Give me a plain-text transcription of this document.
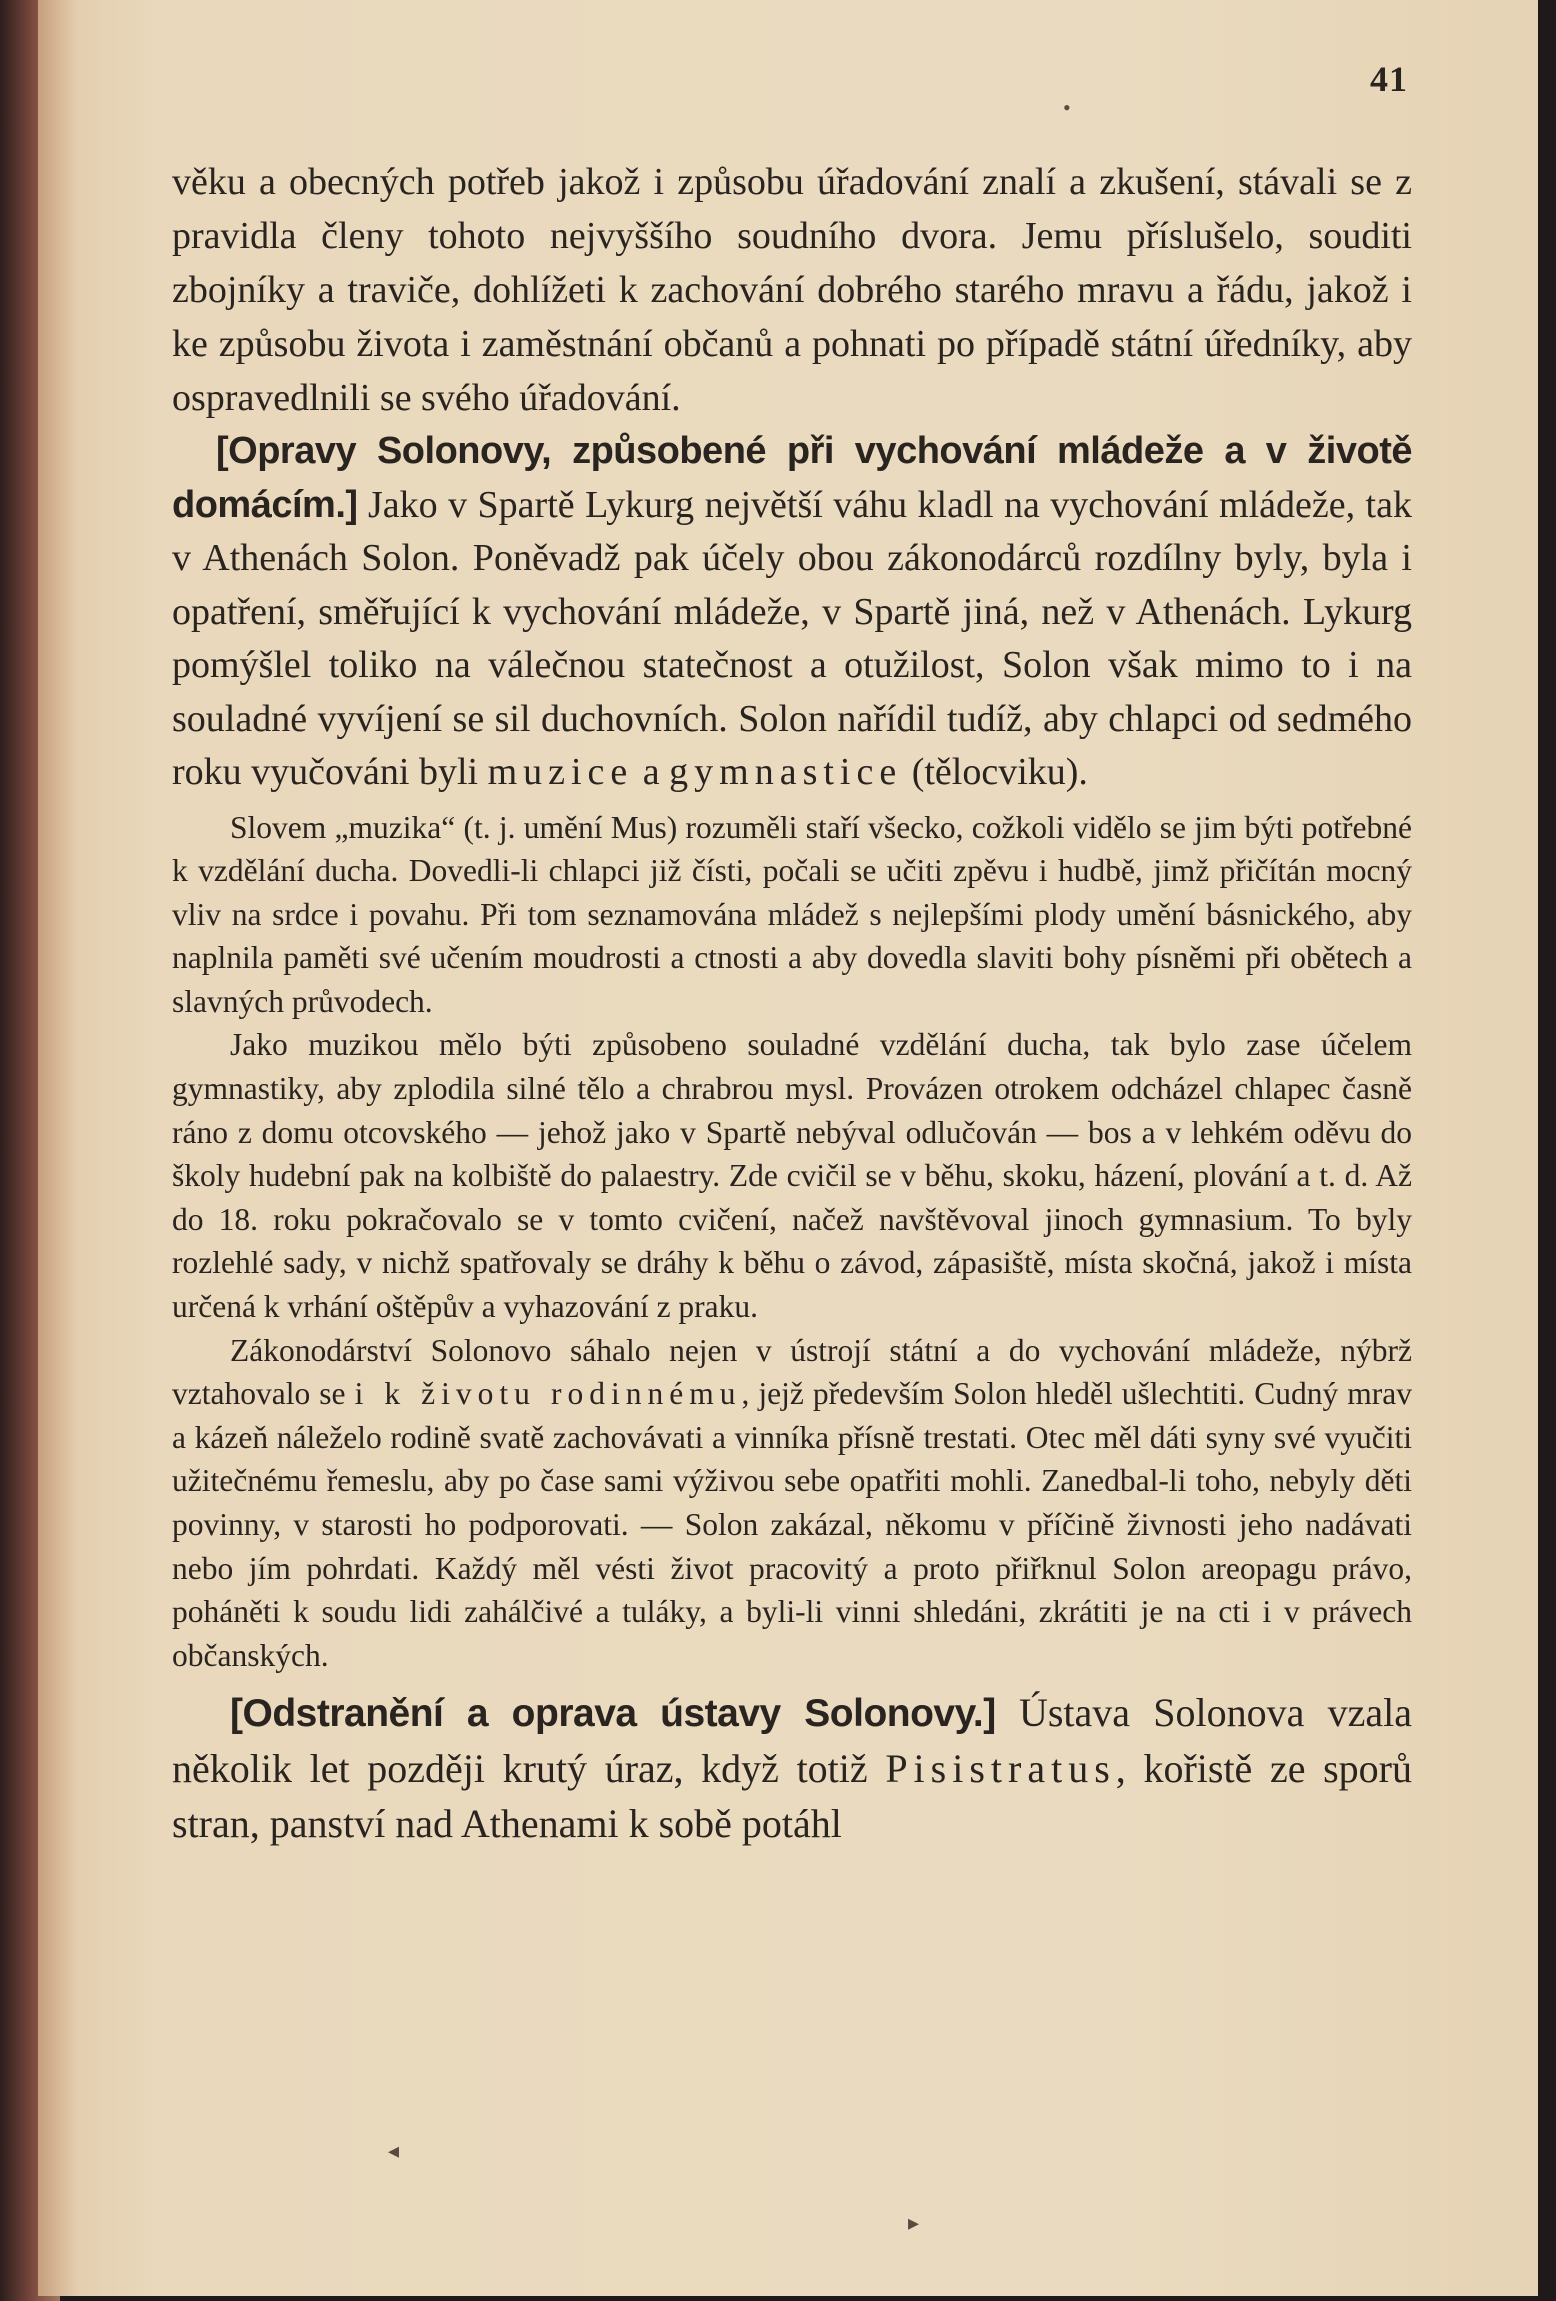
41

věku a obecných potřeb jakož i způsobu úřadování znalí a zkušení, stávali se z pravidla členy tohoto nejvyššího soudního dvora. Jemu příslušelo, souditi zbojníky a traviče, dohlížeti k zachování dobrého starého mravu a řádu, jakož i ke způsobu života i zaměstnání občanů a pohnati po případě státní úředníky, aby ospravedlnili se svého úřadování.

[Opravy Solonovy, způsobené při vychování mládeže a v životě domácím.] Jako v Spartě Lykurg největší váhu kladl na vychování mládeže, tak v Athenách Solon. Poněvadž pak účely obou zákonodárců rozdílny byly, byla i opatření, směřující k vychování mládeže, v Spartě jiná, než v Athenách. Lykurg pomýšlel toliko na válečnou statečnost a otužilost, Solon však mimo to i na souladné vyvíjení se sil duchovních. Solon nařídil tudíž, aby chlapci od sedmého roku vyučováni byli muzice a gymnastice (tělocviku).

Slovem „muzika“ (t. j. umění Mus) rozuměli staří všecko, cožkoli vidělo se jim býti potřebné k vzdělání ducha. Dovedli-li chlapci již čísti, počali se učiti zpěvu i hudbě, jimž přičítán mocný vliv na srdce i povahu. Při tom seznamována mládež s nejlepšími plody umění básnického, aby naplnila paměti své učením moudrosti a ctnosti a aby dovedla slaviti bohy písněmi při obětech a slavných průvodech.

Jako muzikou mělo býti způsobeno souladné vzdělání ducha, tak bylo zase účelem gymnastiky, aby zplodila silné tělo a chrabrou mysl. Provázen otrokem odcházel chlapec časně ráno z domu otcovského — jehož jako v Spartě nebýval odlučován — bos a v lehkém oděvu do školy hudební pak na kolbiště do palaestry. Zde cvičil se v běhu, skoku, házení, plování a t. d. Až do 18. roku pokračovalo se v tomto cvičení, načež navštěvoval jinoch gymnasium. To byly rozlehlé sady, v nichž spatřovaly se dráhy k běhu o závod, zápasiště, místa skočná, jakož i místa určená k vrhání oštěpův a vyhazování z praku.

Zákonodárství Solonovo sáhalo nejen v ústrojí státní a do vychování mládeže, nýbrž vztahovalo se i k životu rodinnému, jejž především Solon hleděl ušlechtiti. Cudný mrav a kázeň náleželo rodině svatě zachovávati a vinníka přísně trestati. Otec měl dáti syny své vyučiti užitečnému řemeslu, aby po čase sami výživou sebe opatřiti mohli. Zanedbal-li toho, nebyly děti povinny, v starosti ho podporovati. — Solon zakázal, někomu v příčině živnosti jeho nadávati nebo jím pohrdati. Každý měl vésti život pracovitý a proto přiřknul Solon areopagu právo, poháněti k soudu lidi zahálčivé a tuláky, a byli-li vinni shledáni, zkrátiti je na cti i v právech občanských.

[Odstranění a oprava ústavy Solonovy.] Ústava Solonova vzala několik let později krutý úraz, když totiž Pisistratus, kořistě ze sporů stran, panství nad Athenami k sobě potáhl

•
◂
▸
